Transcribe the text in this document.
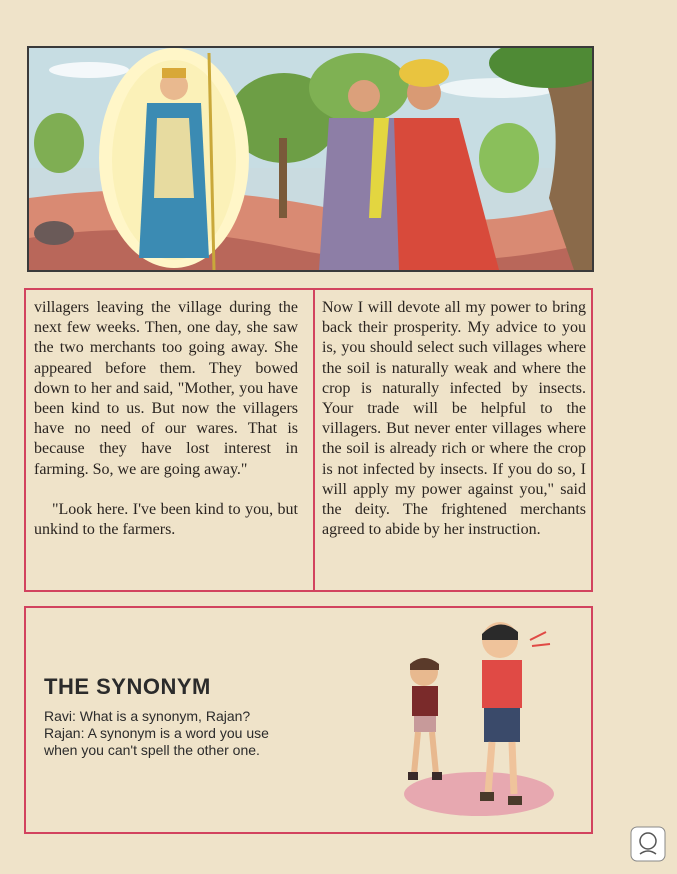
villagers leaving the village during the next few weeks. Then, one day, she saw the two merchants too going away. She appeared before them. They bowed down to her and said, "Mother, you have been kind to us. But now the villagers have no need of our wares. That is because they have lost interest in farming. So, we are going away."

"Look here. I've been kind to you, but unkind to the farmers.

Now I will devote all my power to bring back their prosperity. My advice to you is, you should select such villages where the soil is naturally weak and where the crop is naturally infected by insects. Your trade will be helpful to the villagers. But never enter villages where the soil is already rich or where the crop is not infected by insects. If you do so, I will apply my power against you," said the deity. The frightened merchants agreed to abide by her instruction.

THE SYNONYM
Ravi: What is a synonym, Rajan?
Rajan: A synonym is a word you use
when you can't spell the other one.
